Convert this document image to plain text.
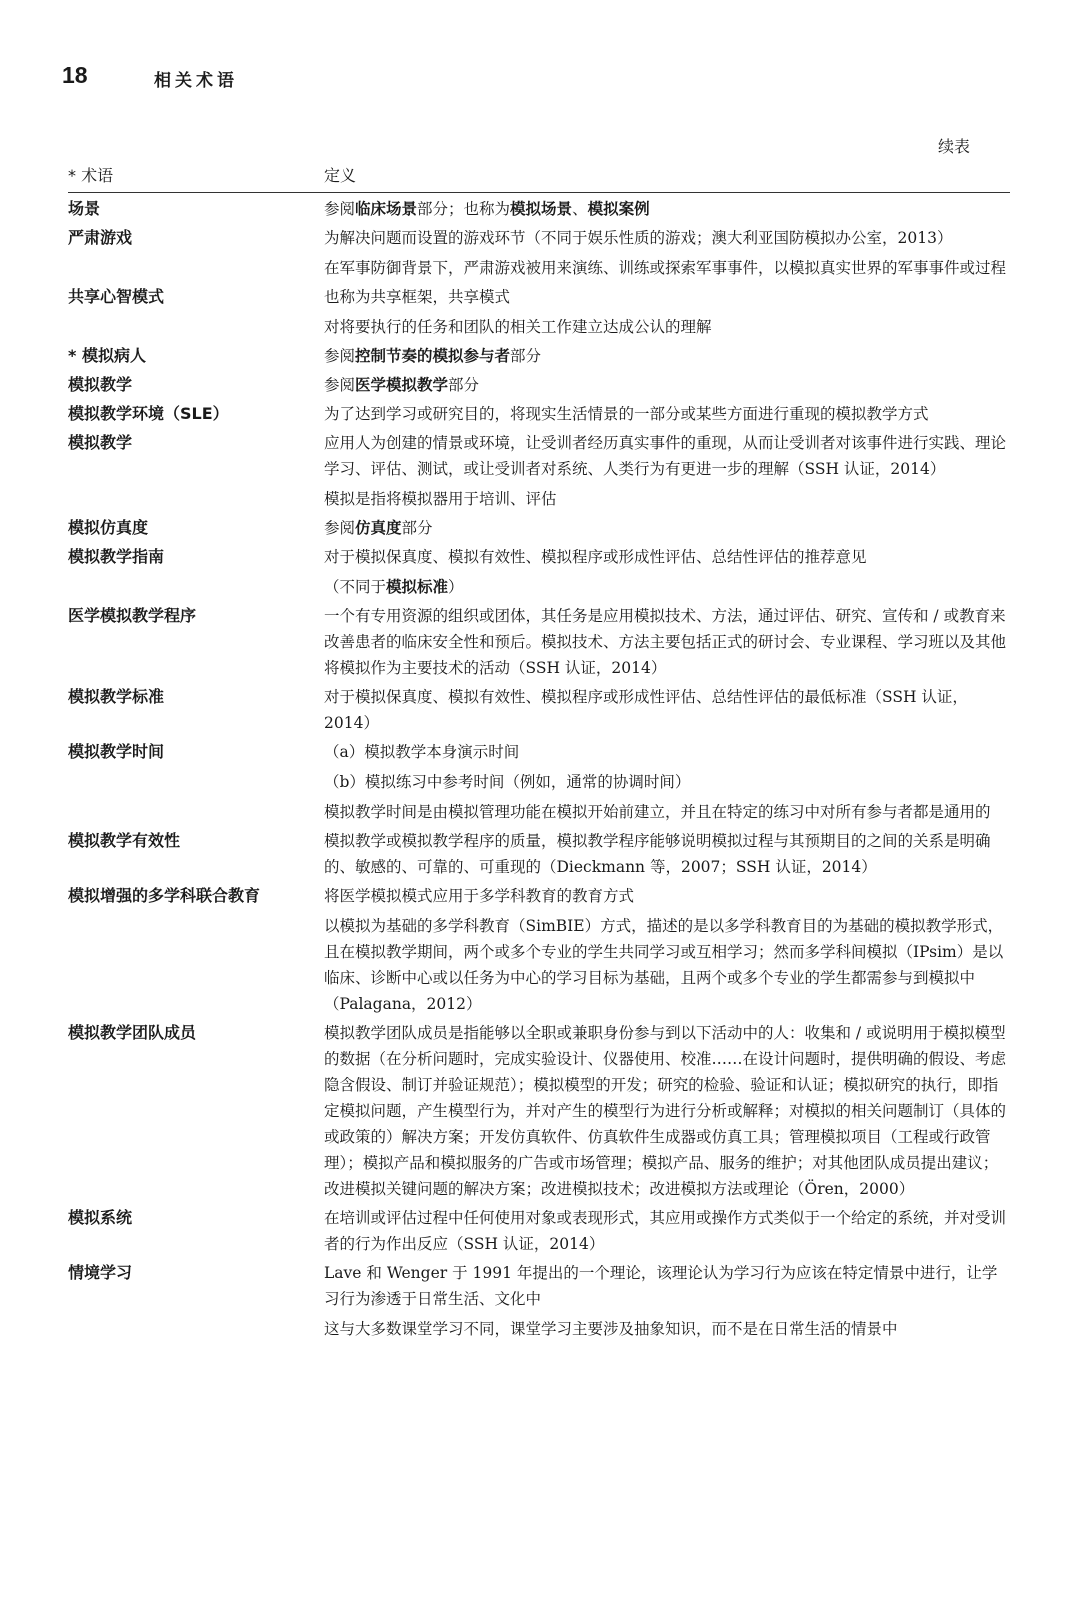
18	相关术语
续表
* 术语	定义
场景	参阅临床场景部分；也称为模拟场景、模拟案例

严肃游戏	为解决问题而设置的游戏环节（不同于娱乐性质的游戏；澳大利亚国防模拟办公室，2013）

在军事防御背景下，严肃游戏被用来演练、训练或探索军事事件，以模拟真实世界的军事事件或过程

共享心智模式	也称为共享框架，共享模式

对将要执行的任务和团队的相关工作建立达成公认的理解

* 模拟病人	参阅控制节奏的模拟参与者部分

模拟教学	参阅医学模拟教学部分

模拟教学环境（SLE）	为了达到学习或研究目的，将现实生活情景的一部分或某些方面进行重现的模拟教学方式

模拟教学	应用人为创建的情景或环境，让受训者经历真实事件的重现，从而让受训者对该事件进行实践、理论学习、评估、测试，或让受训者对系统、人类行为有更进一步的理解（SSH 认证，2014）

模拟是指将模拟器用于培训、评估

模拟仿真度	参阅仿真度部分

模拟教学指南	对于模拟保真度、模拟有效性、模拟程序或形成性评估、总结性评估的推荐意见

（不同于模拟标准）

医学模拟教学程序	一个有专用资源的组织或团体，其任务是应用模拟技术、方法，通过评估、研究、宣传和 / 或教育来改善患者的临床安全性和预后。模拟技术、方法主要包括正式的研讨会、专业课程、学习班以及其他将模拟作为主要技术的活动（SSH 认证，2014）

模拟教学标准	对于模拟保真度、模拟有效性、模拟程序或形成性评估、总结性评估的最低标准（SSH 认证，2014）

模拟教学时间	（a）模拟教学本身演示时间

（b）模拟练习中参考时间（例如，通常的协调时间）

模拟教学时间是由模拟管理功能在模拟开始前建立，并且在特定的练习中对所有参与者都是通用的

模拟教学有效性	模拟教学或模拟教学程序的质量，模拟教学程序能够说明模拟过程与其预期目的之间的关系是明确的、敏感的、可靠的、可重现的（Dieckmann 等，2007；SSH 认证，2014）

模拟增强的多学科联合教育	将医学模拟模式应用于多学科教育的教育方式

以模拟为基础的多学科教育（SimBIE）方式，描述的是以多学科教育目的为基础的模拟教学形式，且在模拟教学期间，两个或多个专业的学生共同学习或互相学习；然而多学科间模拟（IPsim）是以临床、诊断中心或以任务为中心的学习目标为基础，且两个或多个专业的学生都需参与到模拟中（Palagana，2012）

模拟教学团队成员	模拟教学团队成员是指能够以全职或兼职身份参与到以下活动中的人：收集和 / 或说明用于模拟模型的数据（在分析问题时，完成实验设计、仪器使用、校准……在设计问题时，提供明确的假设、考虑隐含假设、制订并验证规范）；模拟模型的开发；研究的检验、验证和认证；模拟研究的执行，即指定模拟问题，产生模型行为，并对产生的模型行为进行分析或解释；对模拟的相关问题制订（具体的或政策的）解决方案；开发仿真软件、仿真软件生成器或仿真工具；管理模拟项目（工程或行政管理）；模拟产品和模拟服务的广告或市场管理；模拟产品、服务的维护；对其他团队成员提出建议；改进模拟关键问题的解决方案；改进模拟技术；改进模拟方法或理论（Ören，2000）

模拟系统	在培训或评估过程中任何使用对象或表现形式，其应用或操作方式类似于一个给定的系统，并对受训者的行为作出反应（SSH 认证，2014）

情境学习	Lave 和 Wenger 于 1991 年提出的一个理论，该理论认为学习行为应该在特定情景中进行，让学习行为渗透于日常生活、文化中

这与大多数课堂学习不同，课堂学习主要涉及抽象知识，而不是在日常生活的情景中
